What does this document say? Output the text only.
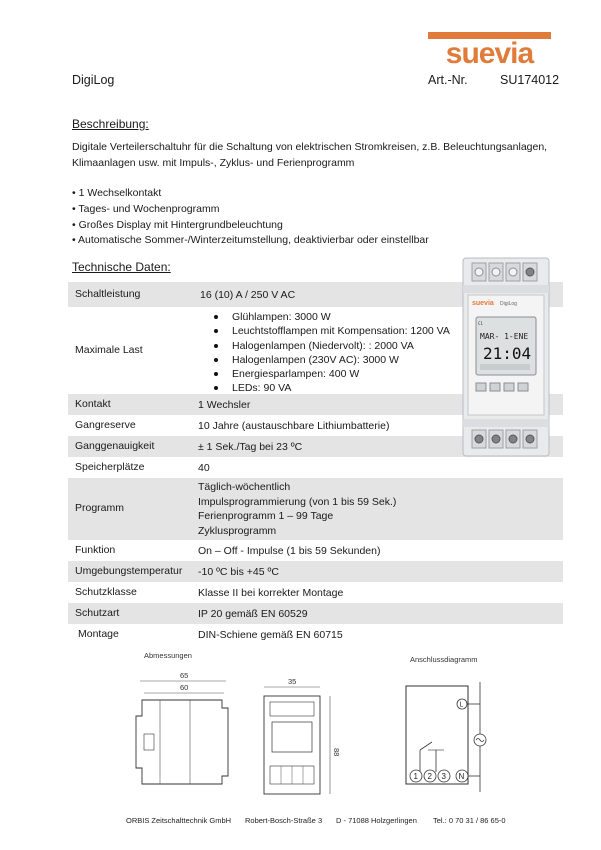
suevia
DigiLog	Art.-Nr.	SU174012
Beschreibung:
Digitale Verteilerschaltuhr für die Schaltung von elektrischen Stromkreisen, z.B. Beleuchtungsanlagen,
Klimaanlagen usw. mit Impuls-, Zyklus- und Ferienprogramm
• 1 Wechselkontakt
• Tages- und Wochenprogramm
• Großes Display mit Hintergrundbeleuchtung
• Automatische Sommer-/Winterzeitumstellung, deaktivierbar oder einstellbar
Technische Daten:
Schaltleistung	16 (10) A / 250 V AC
Maximale Last
Glühlampen: 3000 W
Leuchtstofflampen mit Kompensation: 1200 VA
Halogenlampen (Niedervolt): : 2000 VA
Halogenlampen (230V AC): 3000 W
Energiesparlampen: 400 W
LEDs: 90 VA
Kontakt	1 Wechsler
Gangreserve	10 Jahre (austauschbare Lithiumbatterie)
Ganggenauigkeit	± 1 Sek./Tag bei 23 ºC
Speicherplätze	40
Programm
Täglich-wöchentlich
Impulsprogrammierung (von 1 bis 59 Sek.)
Ferienprogramm 1 – 99 Tage
Zyklusprogramm
Funktion	On – Off - Impulse (1 bis 59 Sekunden)
Umgebungstemperatur -10 ºC bis +45 ºC
Schutzklasse	Klasse II bei korrekter Montage
Schutzart	IP 20 gemäß EN 60529
Montage	DIN-Schiene gemäß EN 60715
suevia DigiLog
C1
MAR- 1-ENE
21:04
Abmessungen
65
60
35
88
Anschlussdiagramm
L
1 2 3 N
ORBIS Zeitschalttechnik GmbH Robert-Bosch-Straße 3 D - 71088 Holzgerlingen Tel.: 0 70 31 / 86 65-0
